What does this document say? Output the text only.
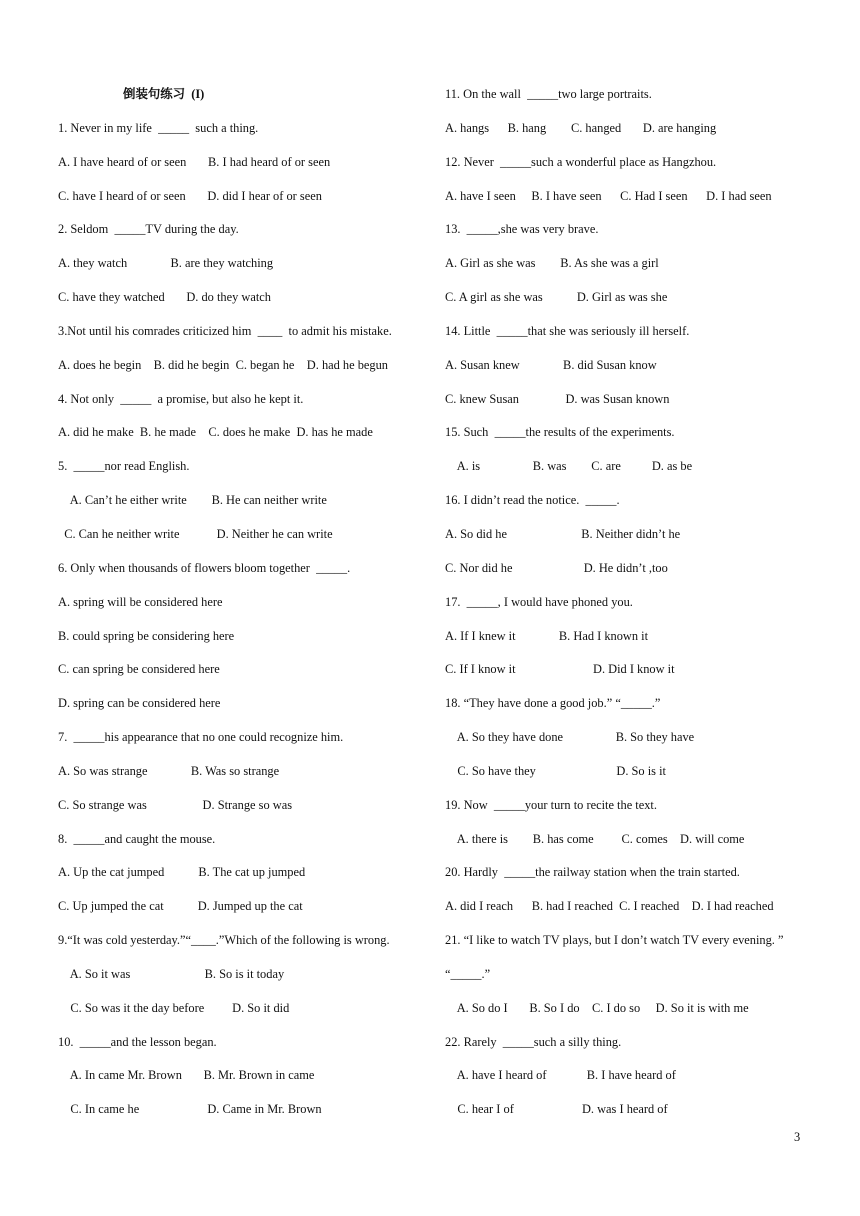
倒装句练习  (I)
1. Never in my life  _____  such a thing.
A. I have heard of or seen       B. I had heard of or seen
C. have I heard of or seen       D. did I hear of or seen
2. Seldom  _____TV during the day.
A. they watch              B. are they watching
C. have they watched       D. do they watch
3.Not until his comrades criticized him  ____  to admit his mistake.
A. does he begin    B. did he begin  C. began he    D. had he begun
4. Not only  _____  a promise, but also he kept it.
A. did he make  B. he made    C. does he make  D. has he made
5.  _____nor read English.
A. Can’t he either write        B. He can neither write
C. Can he neither write            D. Neither he can write
6. Only when thousands of flowers bloom together  _____.
A. spring will be considered here
B. could spring be considering here
C. can spring be considered here
D. spring can be considered here
7.  _____his appearance that no one could recognize him.
A. So was strange              B. Was so strange
C. So strange was                  D. Strange so was
8.  _____and caught the mouse.
A. Up the cat jumped           B. The cat up jumped
C. Up jumped the cat           D. Jumped up the cat
9.“It was cold yesterday.”“____.”Which of the following is wrong.
A. So it was                        B. So is it today
C. So was it the day before         D. So it did
10.  _____and the lesson began.
A. In came Mr. Brown       B. Mr. Brown in came
C. In came he                      D. Came in Mr. Brown
11. On the wall  _____two large portraits.
A. hangs      B. hang        C. hanged       D. are hanging
12. Never  _____such a wonderful place as Hangzhou.
A. have I seen     B. I have seen      C. Had I seen      D. I had seen
13.  _____,she was very brave.
A. Girl as she was        B. As she was a girl
C. A girl as she was           D. Girl as was she
14. Little  _____that she was seriously ill herself.
A. Susan knew              B. did Susan know
C. knew Susan               D. was Susan known
15. Such  _____the results of the experiments.
A. is                 B. was        C. are          D. as be
16. I didn’t read the notice.  _____.
A. So did he                        B. Neither didn’t he
C. Nor did he                       D. He didn’t ,too
17.  _____, I would have phoned you.
A. If I knew it              B. Had I known it
C. If I know it                         D. Did I know it
18. “They have done a good job.” “_____.”
A. So they have done                 B. So they have
C. So have they                          D. So is it
19. Now  _____your turn to recite the text.
A. there is        B. has come         C. comes    D. will come
20. Hardly  _____the railway station when the train started.
A. did I reach      B. had I reached  C. I reached    D. I had reached
21. “I like to watch TV plays, but I don’t watch TV every evening. ”
“_____.”
A. So do I       B. So I do    C. I do so     D. So it is with me
22. Rarely  _____such a silly thing.
A. have I heard of             B. I have heard of
C. hear I of                      D. was I heard of
3
